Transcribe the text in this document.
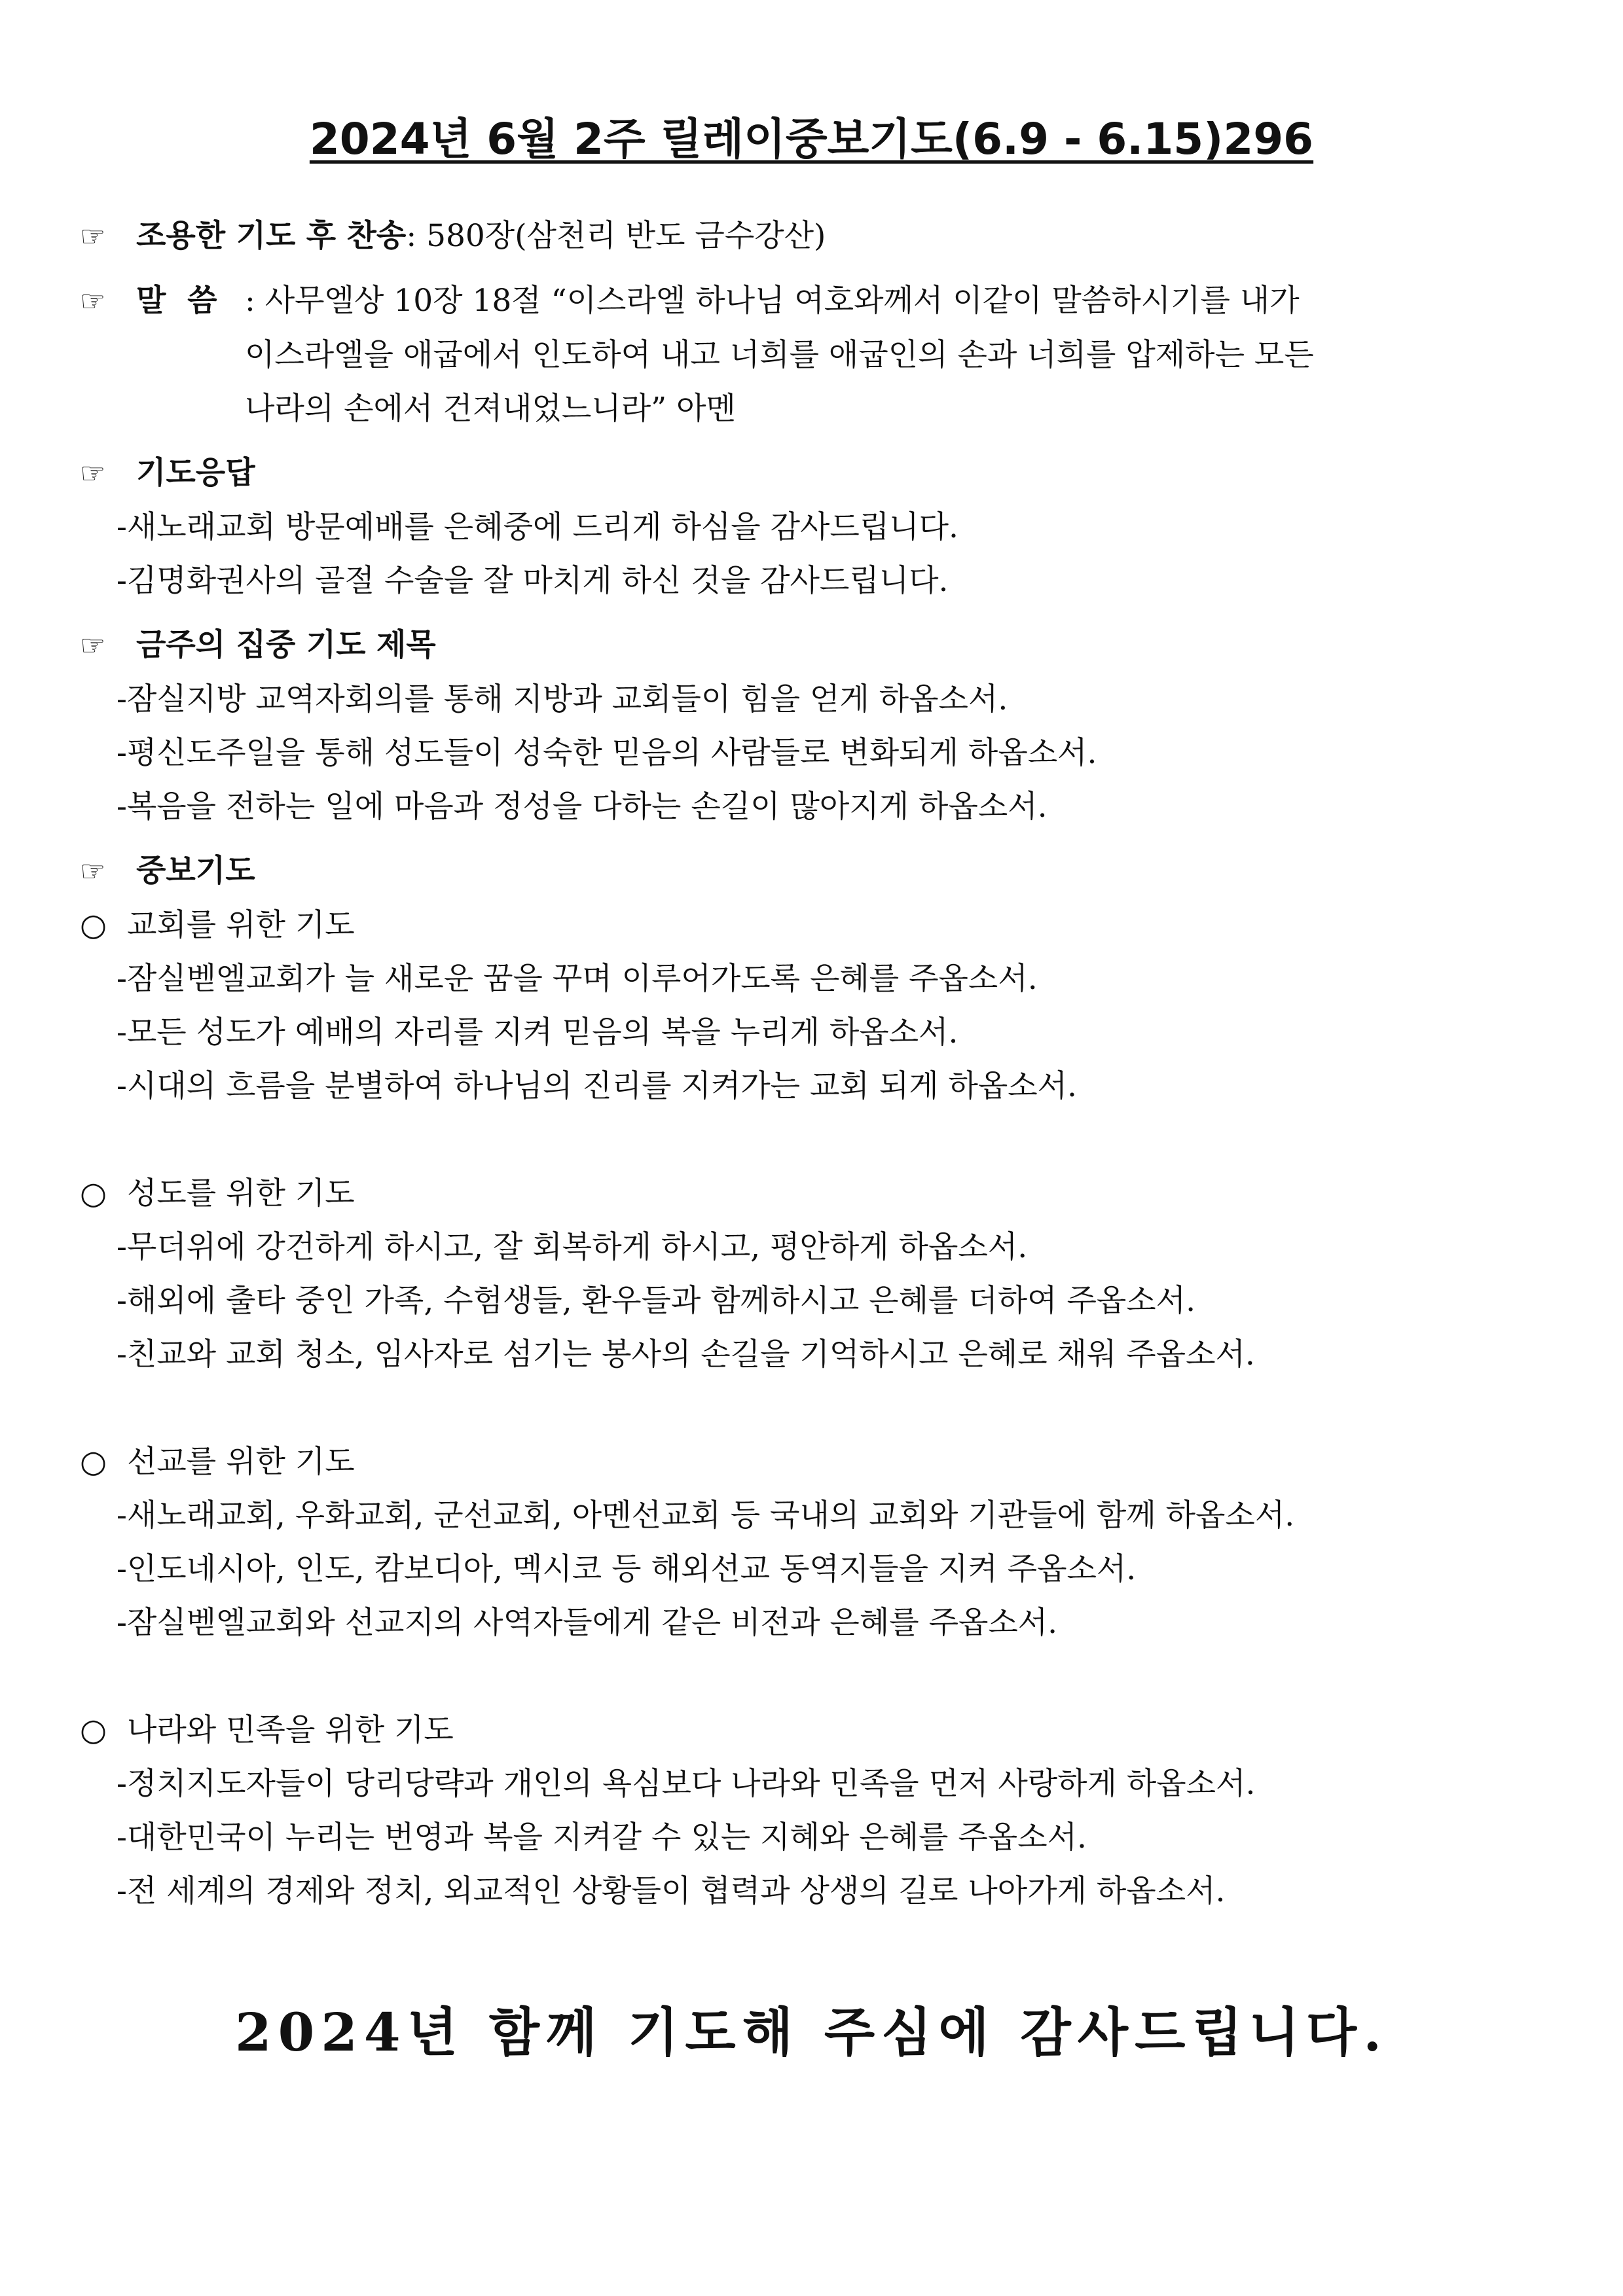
2024년 6월 2주 릴레이중보기도(6.9 - 6.15)296
☞ 조용한 기도 후 찬송 : 580장(삼천리 반도 금수강산)
☞ 말  씀 : 사무엘상 10장 18절 “이스라엘 하나님 여호와께서 이같이 말씀하시기를 내가
이스라엘을 애굽에서 인도하여 내고 너희를 애굽인의 손과 너희를 압제하는 모든
나라의 손에서 건져내었느니라” 아멘
☞ 기도응답
-새노래교회 방문예배를 은혜중에 드리게 하심을 감사드립니다.
-김명화권사의 골절 수술을 잘 마치게 하신 것을 감사드립니다.
☞ 금주의 집중 기도 제목
-잠실지방 교역자회의를 통해 지방과 교회들이 힘을 얻게 하옵소서.
-평신도주일을 통해 성도들이 성숙한 믿음의 사람들로 변화되게 하옵소서.
-복음을 전하는 일에 마음과 정성을 다하는 손길이 많아지게 하옵소서.
☞ 중보기도
○ 교회를 위한 기도
-잠실벧엘교회가 늘 새로운 꿈을 꾸며 이루어가도록 은혜를 주옵소서.
-모든 성도가 예배의 자리를 지켜 믿음의 복을 누리게 하옵소서.
-시대의 흐름을 분별하여 하나님의 진리를 지켜가는 교회 되게 하옵소서.
○ 성도를 위한 기도
-무더위에 강건하게 하시고, 잘 회복하게 하시고, 평안하게 하옵소서.
-해외에 출타 중인 가족, 수험생들, 환우들과 함께하시고 은혜를 더하여 주옵소서.
-친교와 교회 청소, 임사자로 섬기는 봉사의 손길을 기억하시고 은혜로 채워 주옵소서.
○ 선교를 위한 기도
-새노래교회, 우화교회, 군선교회, 아멘선교회 등 국내의 교회와 기관들에 함께 하옵소서.
-인도네시아, 인도, 캄보디아, 멕시코 등 해외선교 동역지들을 지켜 주옵소서.
-잠실벧엘교회와 선교지의 사역자들에게 같은 비전과 은혜를 주옵소서.
○ 나라와 민족을 위한 기도
-정치지도자들이 당리당략과 개인의 욕심보다 나라와 민족을 먼저 사랑하게 하옵소서.
-대한민국이 누리는 번영과 복을 지켜갈 수 있는 지혜와 은혜를 주옵소서.
-전 세계의 경제와 정치, 외교적인 상황들이 협력과 상생의 길로 나아가게 하옵소서.
2024년 함께 기도해 주심에 감사드립니다.
